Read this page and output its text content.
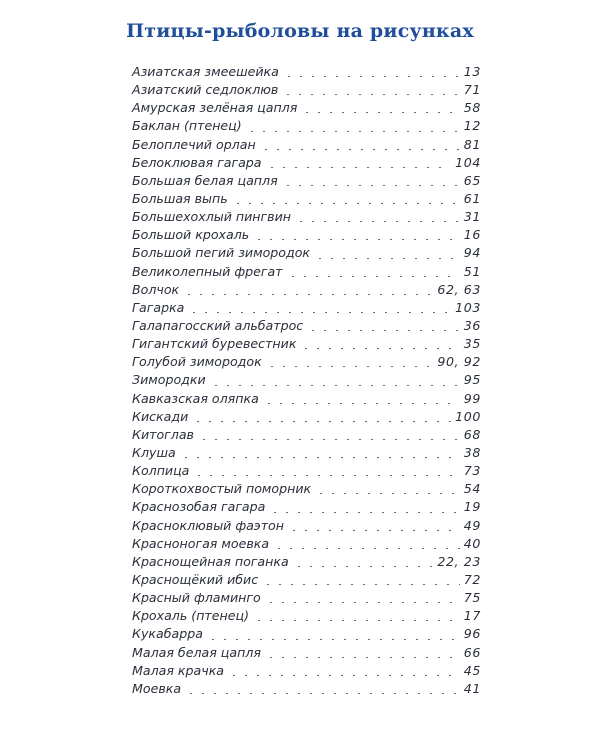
Птицы-рыболовы на рисунках
Азиатская змеешейка	13
Азиатский седлоклюв	71
Амурская зелёная цапля	58
Баклан (птенец)	12
Белоплечий орлан	81
Белоклювая гагара	104
Большая белая цапля	65
Большая выпь	61
Большехохлый пингвин	31
Большой крохаль	16
Большой пегий зимородок	94
Великолепный фрегат	51
Волчок	62, 63
Гагарка	103
Галапагосский альбатрос	36
Гигантский буревестник	35
Голубой зимородок	90, 92
Зимородки	95
Кавказская оляпка	99
Кискади	100
Китоглав	68
Клуша	38
Колпица	73
Короткохвостый поморник	54
Краснозобая гагара	19
Красноклювый фаэтон	49
Красноногая моевка	40
Краснощейная поганка	22, 23
Краснощёкий ибис	72
Красный фламинго	75
Крохаль (птенец)	17
Кукабарра	96
Малая белая цапля	66
Малая крачка	45
Моевка	41
